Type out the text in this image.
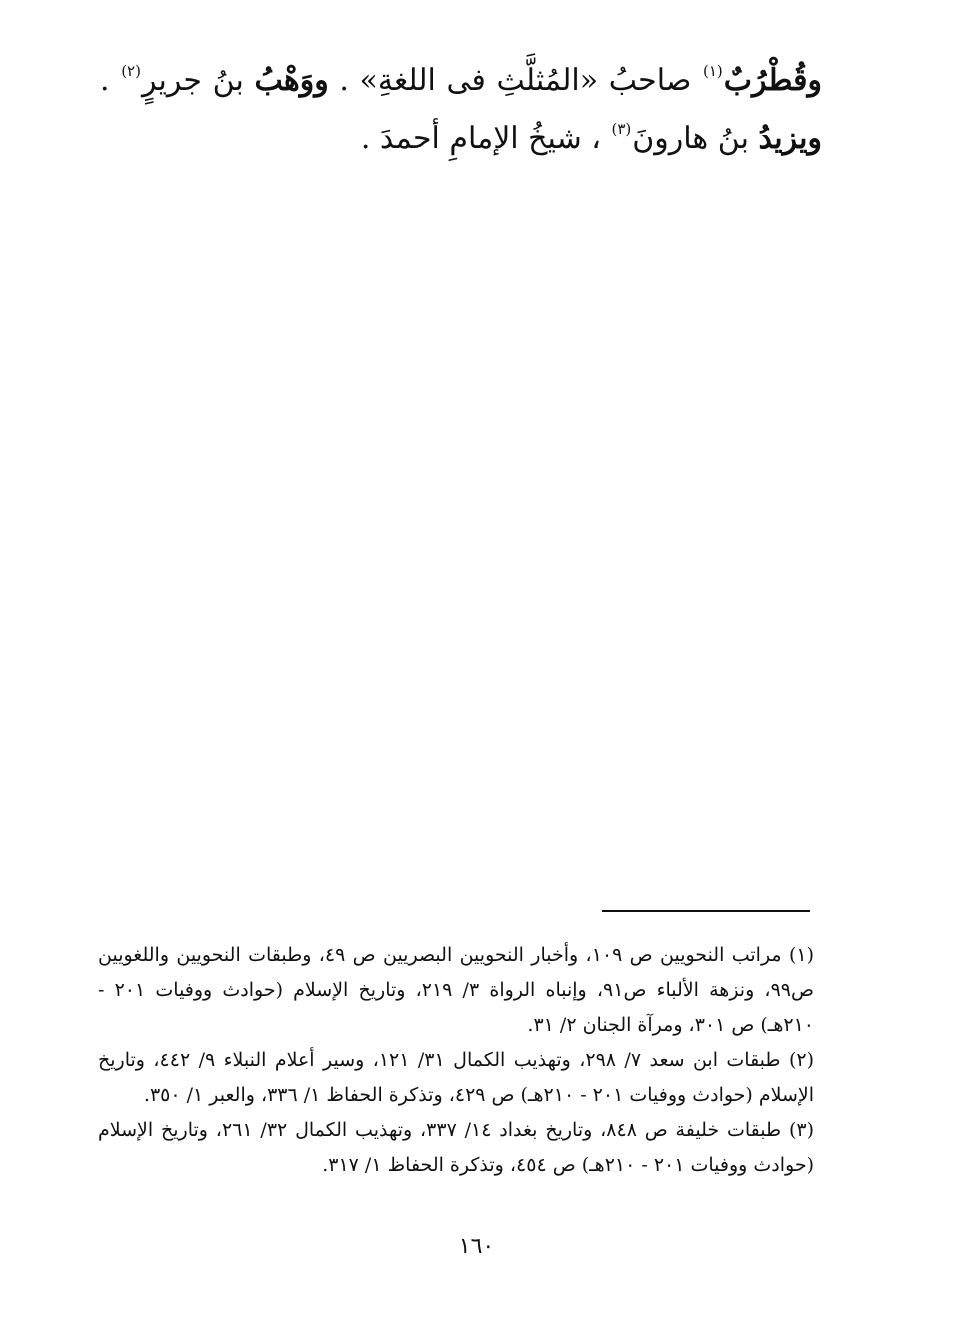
وقُطْرُبٌ$^{(١)}$ صاحبُ «المُثلَّثِ فى اللغةِ» . ووَهْبُ بنُ جريرٍ$^{(٢)}$ . ويزيدُ بنُ هارونَ$^{(٣)}$ ، شيخُ الإمامِ أحمدَ .

(١) مراتب النحويين ص ١٠٩، وأخبار النحويين البصريين ص ٤٩، وطبقات النحويين واللغويين ص٩٩، ونزهة الألباء ص٩١، وإنباه الرواة ٣/ ٢١٩، وتاريخ الإسلام (حوادث ووفيات ٢٠١ - ٢١٠هـ) ص ٣٠١، ومرآة الجنان ٢/ ٣١.

(٢) طبقات ابن سعد ٧/ ٢٩٨، وتهذيب الكمال ٣١/ ١٢١، وسير أعلام النبلاء ٩/ ٤٤٢، وتاريخ الإسلام (حوادث ووفيات ٢٠١ - ٢١٠هـ) ص ٤٢٩، وتذكرة الحفاظ ١/ ٣٣٦، والعبر ١/ ٣٥٠.

(٣) طبقات خليفة ص ٨٤٨، وتاريخ بغداد ١٤/ ٣٣٧، وتهذيب الكمال ٣٢/ ٢٦١، وتاريخ الإسلام (حوادث ووفيات ٢٠١ - ٢١٠هـ) ص ٤٥٤، وتذكرة الحفاظ ١/ ٣١٧.

١٦٠
